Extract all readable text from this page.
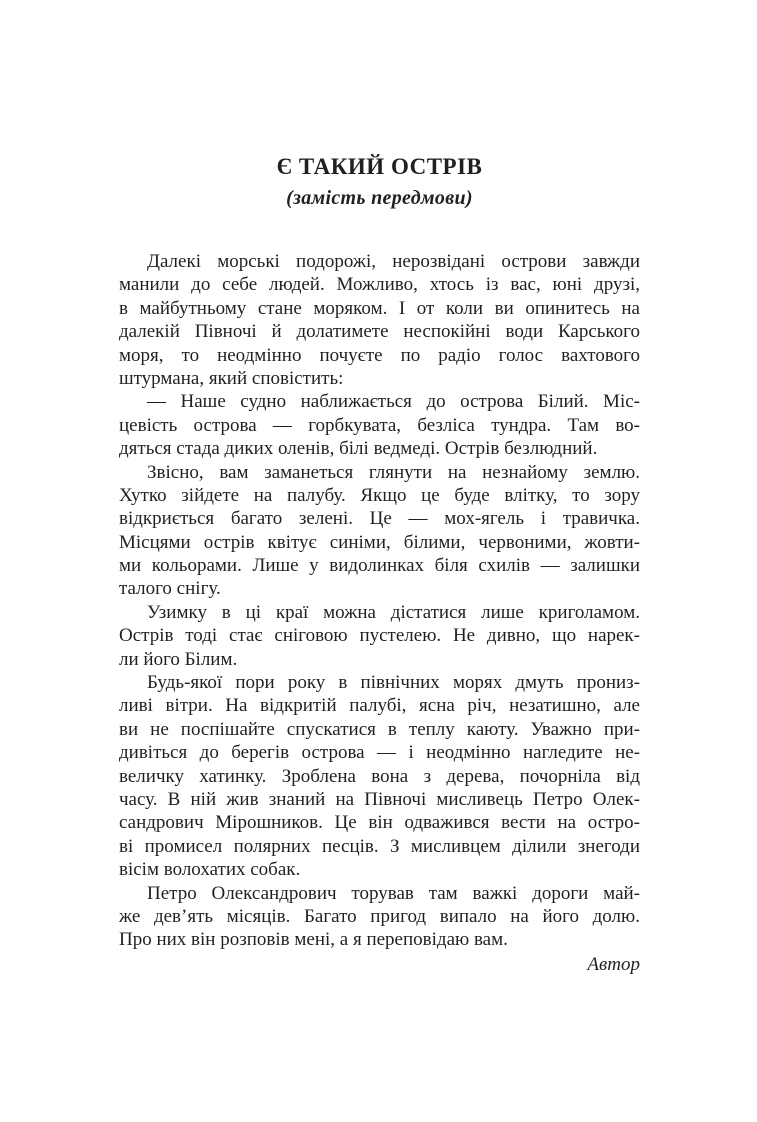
Є ТАКИЙ ОСТРІВ
(замість передмови)
Далекі морські подорожі, нерозвідані острови завжди
манили до себе людей. Можливо, хтось із вас, юні друзі,
в майбутньому стане моряком. І от коли ви опинитесь на
далекій Півночі й долатимете неспокійні води Карського
моря, то неодмінно почуєте по радіо голос вахтового
штурмана, який сповістить:
— Наше судно наближається до острова Білий. Міс-
цевість острова — горбкувата, безліса тундра. Там во-
дяться стада диких оленів, білі ведмеді. Острів безлюдний.
Звісно, вам заманеться глянути на незнайому землю.
Хутко зійдете на палубу. Якщо це буде влітку, то зору
відкриється багато зелені. Це — мох-ягель і травичка.
Місцями острів квітує синіми, білими, червоними, жовти-
ми кольорами. Лише у видолинках біля схилів — залишки
талого снігу.
Узимку в ці краї можна дістатися лише криголамом.
Острів тоді стає сніговою пустелею. Не дивно, що нарек-
ли його Білим.
Будь-якої пори року в північних морях дмуть прониз-
ливі вітри. На відкритій палубі, ясна річ, незатишно, але
ви не поспішайте спускатися в теплу каюту. Уважно при-
дивіться до берегів острова — і неодмінно нагледите не-
величку хатинку. Зроблена вона з дерева, почорніла від
часу. В ній жив знаний на Півночі мисливець Петро Олек-
сандрович Мірошников. Це він одважився вести на остро-
ві промисел полярних песців. З мисливцем ділили знегоди
вісім волохатих собак.
Петро Олександрович торував там важкі дороги май-
же дев’ять місяців. Багато пригод випало на його долю.
Про них він розповів мені, а я переповідаю вам.
Автор
